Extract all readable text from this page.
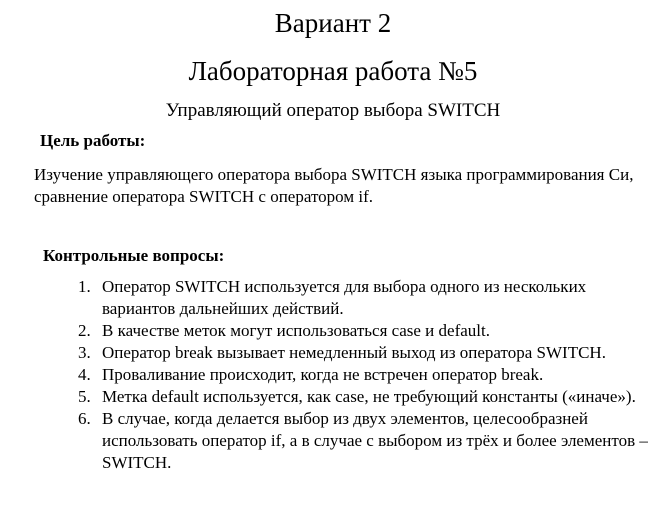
Вариант 2
Лабораторная работа №5
Управляющий оператор выбора SWITCH
Цель работы:
Изучение управляющего оператора выбора SWITCH языка программирования Си, сравнение оператора SWITCH с оператором if.
Контрольные вопросы:
1. Оператор SWITCH используется для выбора одного из нескольких вариантов дальнейших действий.
2. В качестве меток могут использоваться case и default.
3. Оператор break вызывает немедленный выход из оператора SWITCH.
4. Проваливание происходит, когда не встречен оператор break.
5. Метка default используется, как case, не требующий константы («иначе»).
6. В случае, когда делается выбор из двух элементов, целесообразней использовать оператор if, а в случае с выбором из трёх и более элементов – SWITCH.
